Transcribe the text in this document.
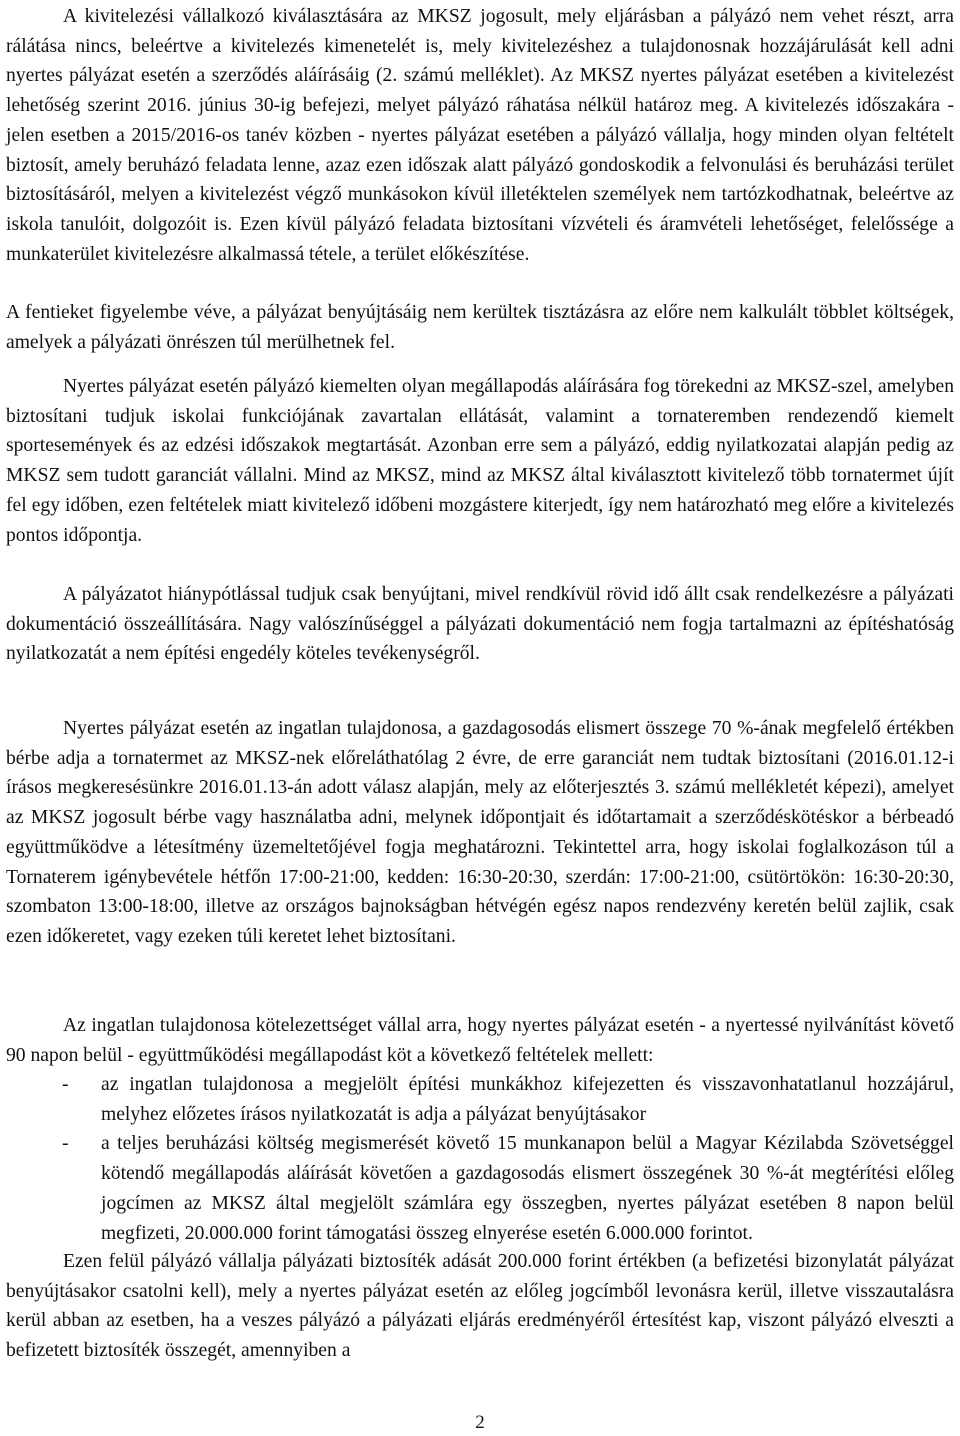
A kivitelezési vállalkozó kiválasztására az MKSZ jogosult, mely eljárásban a pályázó nem vehet részt, arra rálátása nincs, beleértve a kivitelezés kimenetelét is, mely kivitelezéshez a tulajdonosnak hozzájárulását kell adni nyertes pályázat esetén a szerződés aláírásáig (2. számú melléklet). Az MKSZ nyertes pályázat esetében a kivitelezést lehetőség szerint 2016. június 30-ig befejezi, melyet pályázó ráhatása nélkül határoz meg. A kivitelezés időszakára - jelen esetben a 2015/2016-os tanév közben - nyertes pályázat esetében a pályázó vállalja, hogy minden olyan feltételt biztosít, amely beruházó feladata lenne, azaz ezen időszak alatt pályázó gondoskodik a felvonulási és beruházási terület biztosításáról, melyen a kivitelezést végző munkásokon kívül illetéktelen személyek nem tartózkodhatnak, beleértve az iskola tanulóit, dolgozóit is. Ezen kívül pályázó feladata biztosítani vízvételi és áramvételi lehetőséget, felelőssége a munkaterület kivitelezésre alkalmassá tétele, a terület előkészítése.

A fentieket figyelembe véve, a pályázat benyújtásáig nem kerültek tisztázásra az előre nem kalkulált többlet költségek, amelyek a pályázati önrészen túl merülhetnek fel.

Nyertes pályázat esetén pályázó kiemelten olyan megállapodás aláírására fog törekedni az MKSZ-szel, amelyben biztosítani tudjuk iskolai funkciójának zavartalan ellátását, valamint a tornateremben rendezendő kiemelt sportesemények és az edzési időszakok megtartását. Azonban erre sem a pályázó, eddig nyilatkozatai alapján pedig az MKSZ sem tudott garanciát vállalni. Mind az MKSZ, mind az MKSZ által kiválasztott kivitelező több tornatermet újít fel egy időben, ezen feltételek miatt kivitelező időbeni mozgástere kiterjedt, így nem határozható meg előre a kivitelezés pontos időpontja.

A pályázatot hiánypótlással tudjuk csak benyújtani, mivel rendkívül rövid idő állt csak rendelkezésre a pályázati dokumentáció összeállítására. Nagy valószínűséggel a pályázati dokumentáció nem fogja tartalmazni az építéshatóság nyilatkozatát a nem építési engedély köteles tevékenységről.

Nyertes pályázat esetén az ingatlan tulajdonosa, a gazdagosodás elismert összege 70 %-ának megfelelő értékben bérbe adja a tornatermet az MKSZ-nek előreláthatólag 2 évre, de erre garanciát nem tudtak biztosítani (2016.01.12-i írásos megkeresésünkre 2016.01.13-án adott válasz alapján, mely az előterjesztés 3. számú mellékletét képezi), amelyet az MKSZ jogosult bérbe vagy használatba adni, melynek időpontjait és időtartamait a szerződéskötéskor a bérbeadó együttműködve a létesítmény üzemeltetőjével fogja meghatározni. Tekintettel arra, hogy iskolai foglalkozáson túl a Tornaterem igénybevétele hétfőn 17:00-21:00, kedden: 16:30-20:30, szerdán: 17:00-21:00, csütörtökön: 16:30-20:30, szombaton 13:00-18:00, illetve az országos bajnokságban hétvégén egész napos rendezvény keretén belül zajlik, csak ezen időkeretet, vagy ezeken túli keretet lehet biztosítani.

Az ingatlan tulajdonosa kötelezettséget vállal arra, hogy nyertes pályázat esetén - a nyertessé nyilvánítást követő 90 napon belül - együttműködési megállapodást köt a következő feltételek mellett:

- az ingatlan tulajdonosa a megjelölt építési munkákhoz kifejezetten és visszavonhatatlanul hozzájárul, melyhez előzetes írásos nyilatkozatát is adja a pályázat benyújtásakor
- a teljes beruházási költség megismerését követő 15 munkanapon belül a Magyar Kézilabda Szövetséggel kötendő megállapodás aláírását követően a gazdagosodás elismert összegének 30 %-át megtérítési előleg jogcímen az MKSZ által megjelölt számlára egy összegben, nyertes pályázat esetében 8 napon belül megfizeti, 20.000.000 forint támogatási összeg elnyerése esetén 6.000.000 forintot.

Ezen felül pályázó vállalja pályázati biztosíték adását 200.000 forint értékben (a befizetési bizonylatát pályázat benyújtásakor csatolni kell), mely a nyertes pályázat esetén az előleg jogcímből levonásra kerül, illetve visszautalásra kerül abban az esetben, ha a veszes pályázó a pályázati eljárás eredményéről értesítést kap, viszont pályázó elveszti a befizetett biztosíték összegét, amennyiben a

2
